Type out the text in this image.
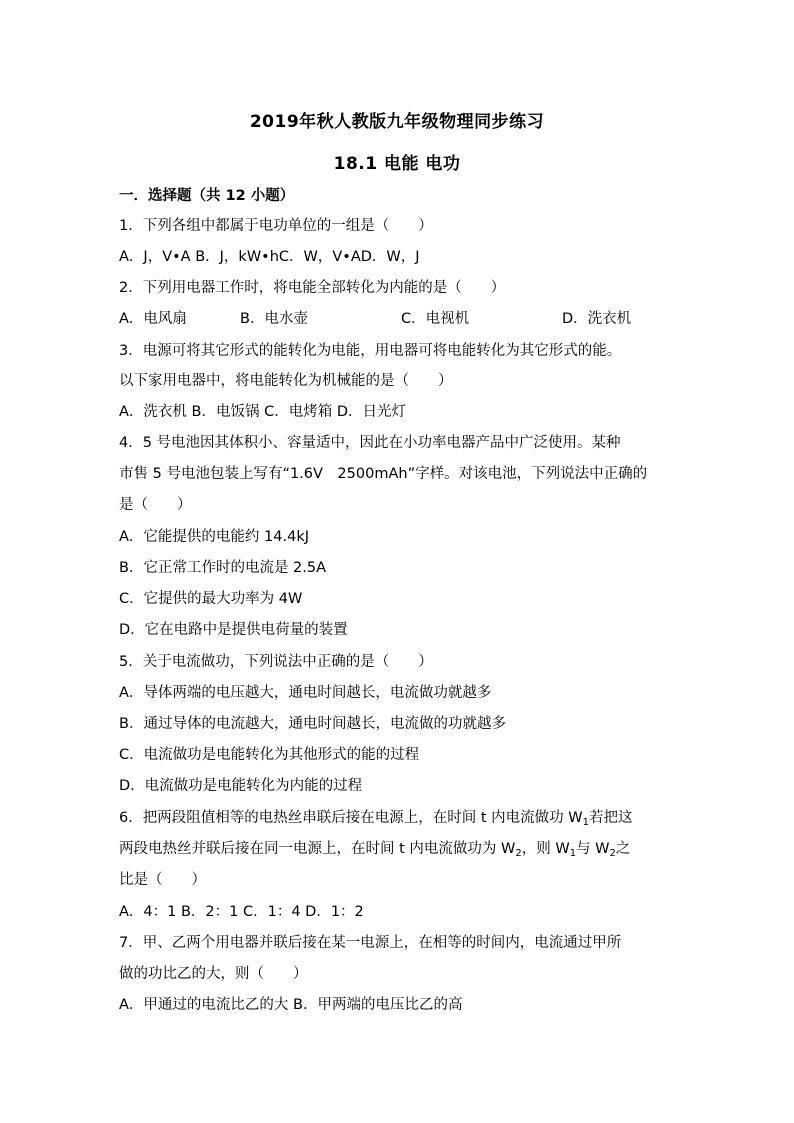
2019年秋人教版九年级物理同步练习
18.1 电能 电功
一．选择题（共 12 小题）
1．下列各组中都属于电功单位的一组是（　　）
A．J，V•A B．J，kW•hC．W，V•AD．W，J
2．下列用电器工作时，将电能全部转化为内能的是（　　）
A．电风扇	B．电水壶	C．电视机	D．洗衣机
3．电源可将其它形式的能转化为电能，用电器可将电能转化为其它形式的能。
以下家用电器中，将电能转化为机械能的是（　　）
A．洗衣机 B．电饭锅 C．电烤箱 D．日光灯
4．5 号电池因其体积小、容量适中，因此在小功率电器产品中广泛使用。某种
市售 5 号电池包装上写有“1.6V　2500mAh”字样。对该电池，下列说法中正确的
是（　　）
A．它能提供的电能约 14.4kJ
B．它正常工作时的电流是 2.5A
C．它提供的最大功率为 4W
D．它在电路中是提供电荷量的装置
5．关于电流做功，下列说法中正确的是（　　）
A．导体两端的电压越大，通电时间越长，电流做功就越多
B．通过导体的电流越大，通电时间越长，电流做的功就越多
C．电流做功是电能转化为其他形式的能的过程
D．电流做功是电能转化为内能的过程
6．把两段阻值相等的电热丝串联后接在电源上，在时间 t 内电流做功 $W_1$若把这
两段电热丝并联后接在同一电源上，在时间 t 内电流做功为 $W_2$，则 $W_1$与 $W_2$之
比是（　　）
A．4：1 B．2：1 C．1：4 D．1：2
7．甲、乙两个用电器并联后接在某一电源上，在相等的时间内，电流通过甲所
做的功比乙的大，则（　　）
A．甲通过的电流比乙的大 B．甲两端的电压比乙的高
